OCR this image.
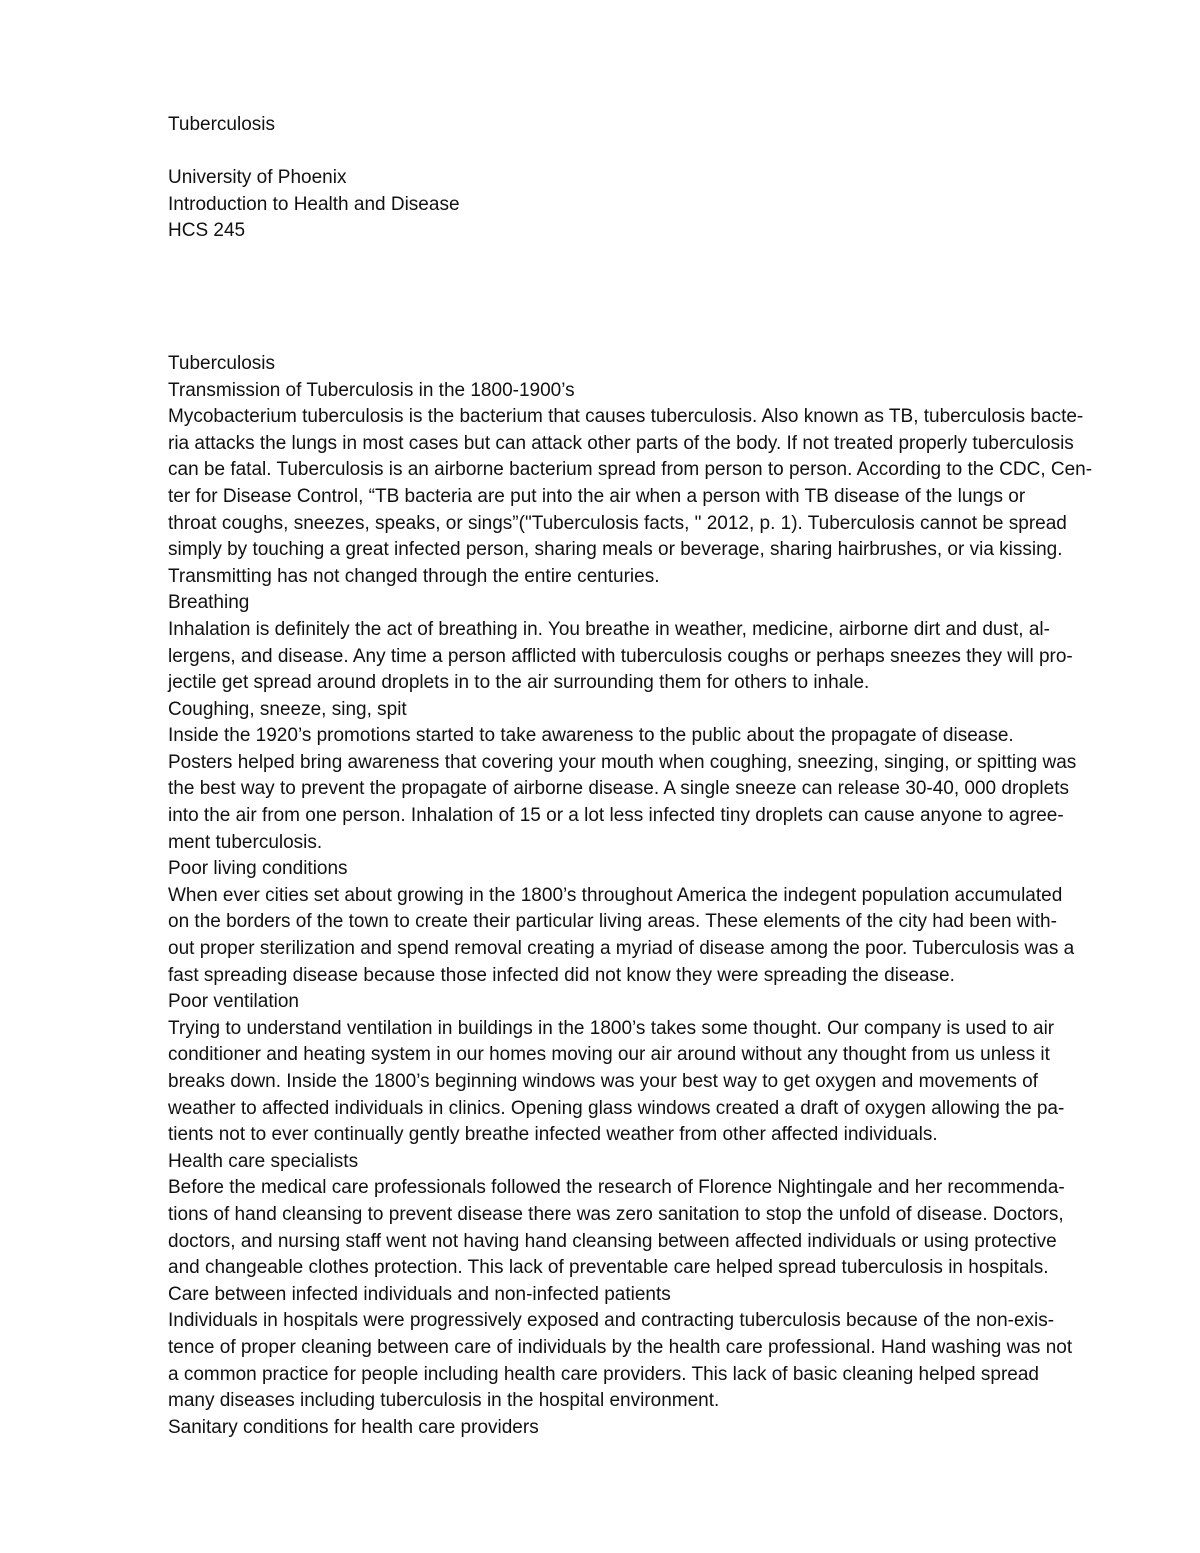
Tuberculosis
University of Phoenix
Introduction to Health and Disease
HCS 245
Tuberculosis
Transmission of Tuberculosis in the 1800-1900’s
Mycobacterium tuberculosis is the bacterium that causes tuberculosis. Also known as TB, tuberculosis bacte-
ria attacks the lungs in most cases but can attack other parts of the body. If not treated properly tuberculosis
can be fatal. Tuberculosis is an airborne bacterium spread from person to person. According to the CDC, Cen-
ter for Disease Control, “TB bacteria are put into the air when a person with TB disease of the lungs or
throat coughs, sneezes, speaks, or sings”("Tuberculosis facts, " 2012, p. 1). Tuberculosis cannot be spread
simply by touching a great infected person, sharing meals or beverage, sharing hairbrushes, or via kissing.
Transmitting has not changed through the entire centuries.
Breathing
Inhalation is definitely the act of breathing in. You breathe in weather, medicine, airborne dirt and dust, al-
lergens, and disease. Any time a person afflicted with tuberculosis coughs or perhaps sneezes they will pro-
jectile get spread around droplets in to the air surrounding them for others to inhale.
Coughing, sneeze, sing, spit
Inside the 1920’s promotions started to take awareness to the public about the propagate of disease.
Posters helped bring awareness that covering your mouth when coughing, sneezing, singing, or spitting was
the best way to prevent the propagate of airborne disease. A single sneeze can release 30-40, 000 droplets
into the air from one person. Inhalation of 15 or a lot less infected tiny droplets can cause anyone to agree-
ment tuberculosis.
Poor living conditions
When ever cities set about growing in the 1800’s throughout America the indegent population accumulated
on the borders of the town to create their particular living areas. These elements of the city had been with-
out proper sterilization and spend removal creating a myriad of disease among the poor. Tuberculosis was a
fast spreading disease because those infected did not know they were spreading the disease.
Poor ventilation
Trying to understand ventilation in buildings in the 1800’s takes some thought. Our company is used to air
conditioner and heating system in our homes moving our air around without any thought from us unless it
breaks down. Inside the 1800’s beginning windows was your best way to get oxygen and movements of
weather to affected individuals in clinics. Opening glass windows created a draft of oxygen allowing the pa-
tients not to ever continually gently breathe infected weather from other affected individuals.
Health care specialists
Before the medical care professionals followed the research of Florence Nightingale and her recommenda-
tions of hand cleansing to prevent disease there was zero sanitation to stop the unfold of disease. Doctors,
doctors, and nursing staff went not having hand cleansing between affected individuals or using protective
and changeable clothes protection. This lack of preventable care helped spread tuberculosis in hospitals.
Care between infected individuals and non-infected patients
Individuals in hospitals were progressively exposed and contracting tuberculosis because of the non-exis-
tence of proper cleaning between care of individuals by the health care professional. Hand washing was not
a common practice for people including health care providers. This lack of basic cleaning helped spread
many diseases including tuberculosis in the hospital environment.
Sanitary conditions for health care providers
